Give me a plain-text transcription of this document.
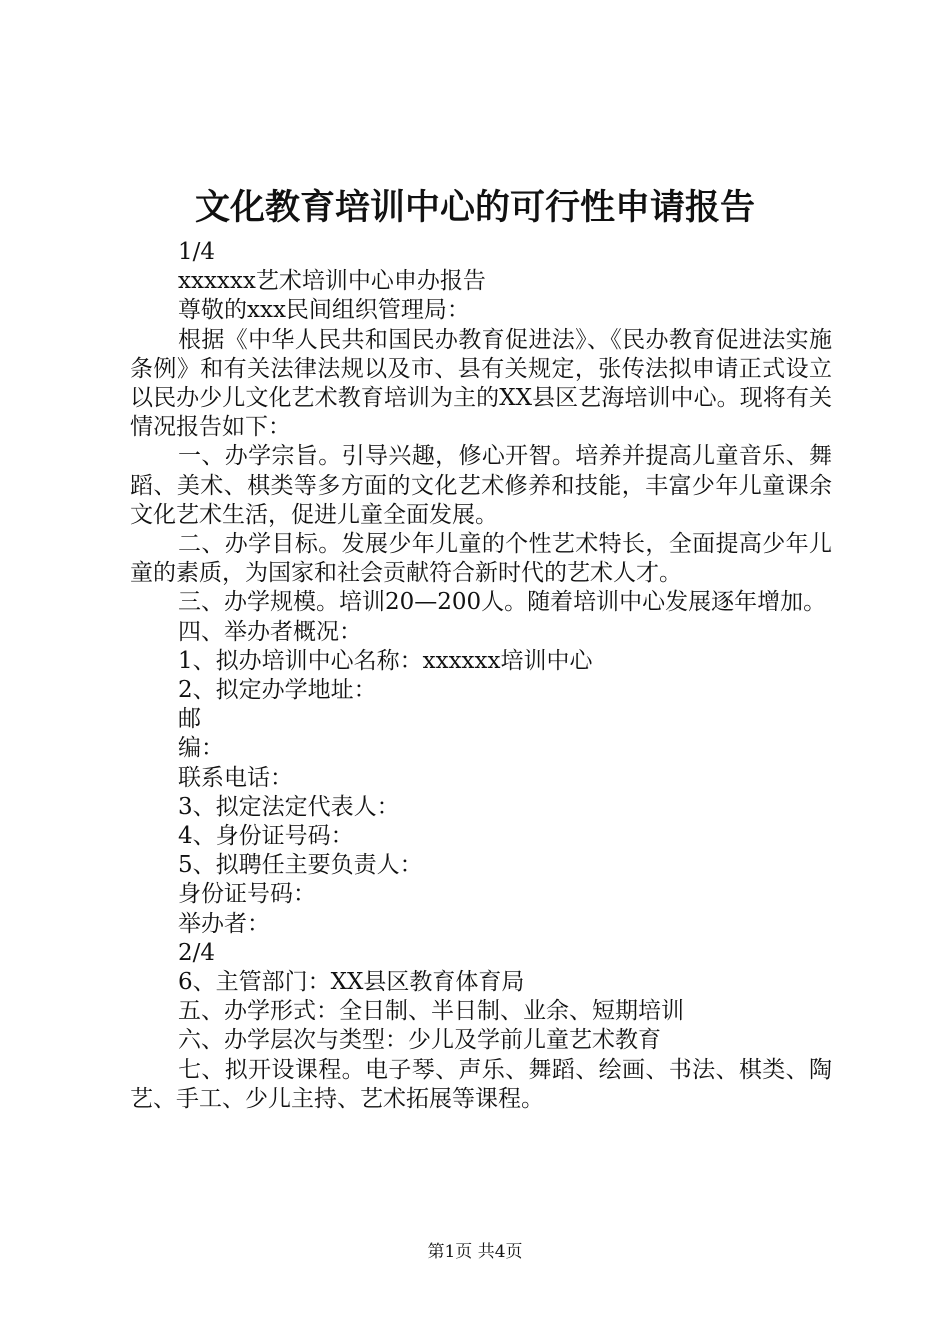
文化教育培训中心的可行性申请报告

1/4

xxxxxx艺术培训中心申办报告

尊敬的xxx民间组织管理局：

根据《中华人民共和国民办教育促进法》、《民办教育促进法实施条例》和有关法律法规以及市、县有关规定，张传法拟申请正式设立以民办少儿文化艺术教育培训为主的XX县区艺海培训中心。现将有关情况报告如下：

一、办学宗旨。引导兴趣，修心开智。培养并提高儿童音乐、舞蹈、美术、棋类等多方面的文化艺术修养和技能，丰富少年儿童课余文化艺术生活，促进儿童全面发展。

二、办学目标。发展少年儿童的个性艺术特长，全面提高少年儿童的素质，为国家和社会贡献符合新时代的艺术人才。

三、办学规模。培训20—200人。随着培训中心发展逐年增加。

四、举办者概况：

1、拟办培训中心名称：xxxxxx培训中心

2、拟定办学地址：

邮

编：

联系电话：

3、拟定法定代表人：

4、身份证号码：

5、拟聘任主要负责人：

身份证号码：

举办者：

2/4

6、主管部门：XX县区教育体育局

五、办学形式：全日制、半日制、业余、短期培训

六、办学层次与类型：少儿及学前儿童艺术教育

七、拟开设课程。电子琴、声乐、舞蹈、绘画、书法、棋类、陶艺、手工、少儿主持、艺术拓展等课程。

第1页 共4页
